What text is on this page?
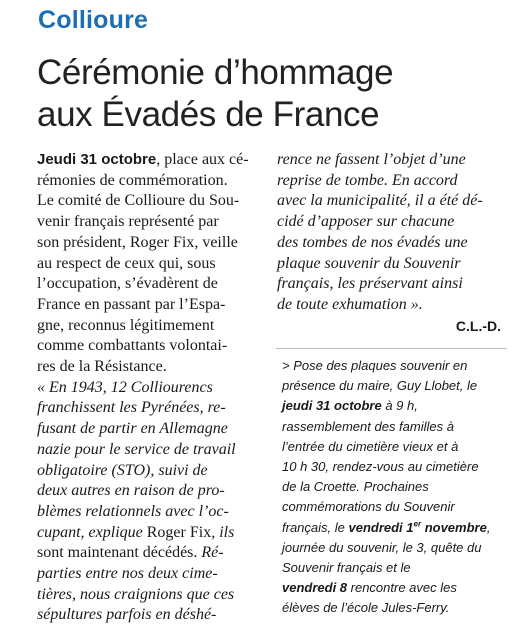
Collioure
Cérémonie d’hommage
aux Évadés de France
Jeudi 31 octobre, place aux cé-
rémonies de commémoration.
Le comité de Collioure du Sou-
venir français représenté par
son président, Roger Fix, veille
au respect de ceux qui, sous
l’occupation, s’évadèrent de
France en passant par l’Espa-
gne, reconnus légitimement
comme combattants volontai-
res de la Résistance.
« En 1943, 12 Colliourencs
franchissent les Pyrénées, re-
fusant de partir en Allemagne
nazie pour le service de travail
obligatoire (STO), suivi de
deux autres en raison de pro-
blèmes relationnels avec l’oc-
cupant, explique Roger Fix, ils
sont maintenant décédés. Ré-
parties entre nos deux cime-
tières, nous craignions que ces
sépultures parfois en déshé-
rence ne fassent l’objet d’une
reprise de tombe. En accord
avec la municipalité, il a été dé-
cidé d’apposer sur chacune
des tombes de nos évadés une
plaque souvenir du Souvenir
français, les préservant ainsi
de toute exhumation ».

C.L.-D.

> Pose des plaques souvenir en
présence du maire, Guy Llobet, le
jeudi 31 octobre à 9 h,
rassemblement des familles à
l’entrée du cimetière vieux et à
10 h 30, rendez-vous au cimetière
de la Croette. Prochaines
commémorations du Souvenir
français, le vendredi 1er novembre,
journée du souvenir, le 3, quête du
Souvenir français et le
vendredi 8 rencontre avec les
élèves de l’école Jules-Ferry.
